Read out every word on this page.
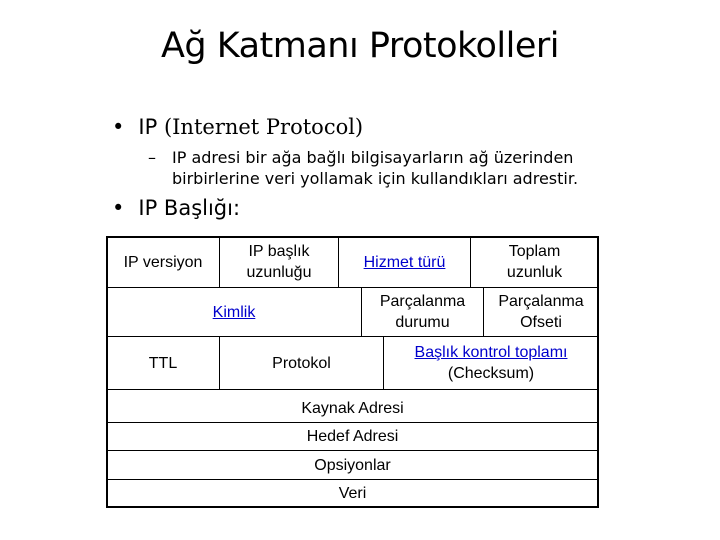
Ağ Katmanı Protokolleri
• IP (Internet Protocol)
– IP adresi bir ağa bağlı bilgisayarların ağ üzerinden birbirlerine veri yollamak için kullandıkları adrestir.
• IP Başlığı:
IP versiyon
IP başlık uzunluğu
Hizmet türü
Toplam uzunluk
Kimlik
Parçalanma durumu
Parçalanma Ofseti
TTL	Protokol
Başlık kontrol toplamı
(Checksum)
Kaynak Adresi
Hedef Adresi
Opsiyonlar
Veri
